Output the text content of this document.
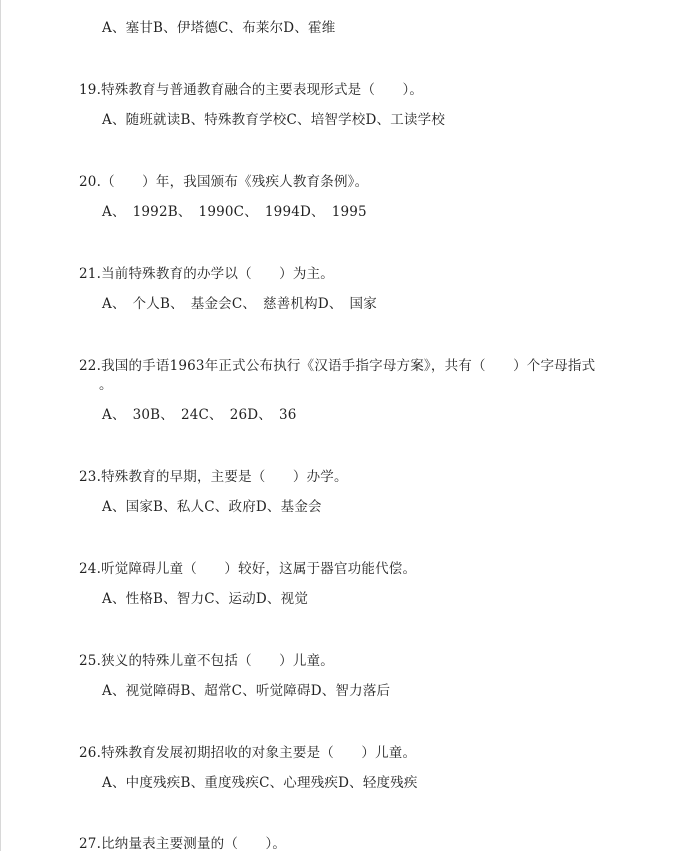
A、塞甘B、伊塔德C、布莱尔D、霍维
19.特殊教育与普通教育融合的主要表现形式是（　　）。
A、随班就读B、特殊教育学校C、培智学校D、工读学校
20.（　　）年，我国颁布《残疾人教育条例》。
A、　1992B、　1990C、　1994D、　1995
21.当前特殊教育的办学以（　　）为主。
A、　个人B、　基金会C、　慈善机构D、　国家
22.我国的手语1963年正式公布执行《汉语手指字母方案》，共有（　　）个字母指式
。
A、　30B、　24C、　26D、　36
23.特殊教育的早期，主要是（　　）办学。
A、国家B、私人C、政府D、基金会
24.听觉障碍儿童（　　）较好，这属于器官功能代偿。
A、性格B、智力C、运动D、视觉
25.狭义的特殊儿童不包括（　　）儿童。
A、视觉障碍B、超常C、听觉障碍D、智力落后
26.特殊教育发展初期招收的对象主要是（　　）儿童。
A、中度残疾B、重度残疾C、心理残疾D、轻度残疾
27.比纳量表主要测量的（　　）。
